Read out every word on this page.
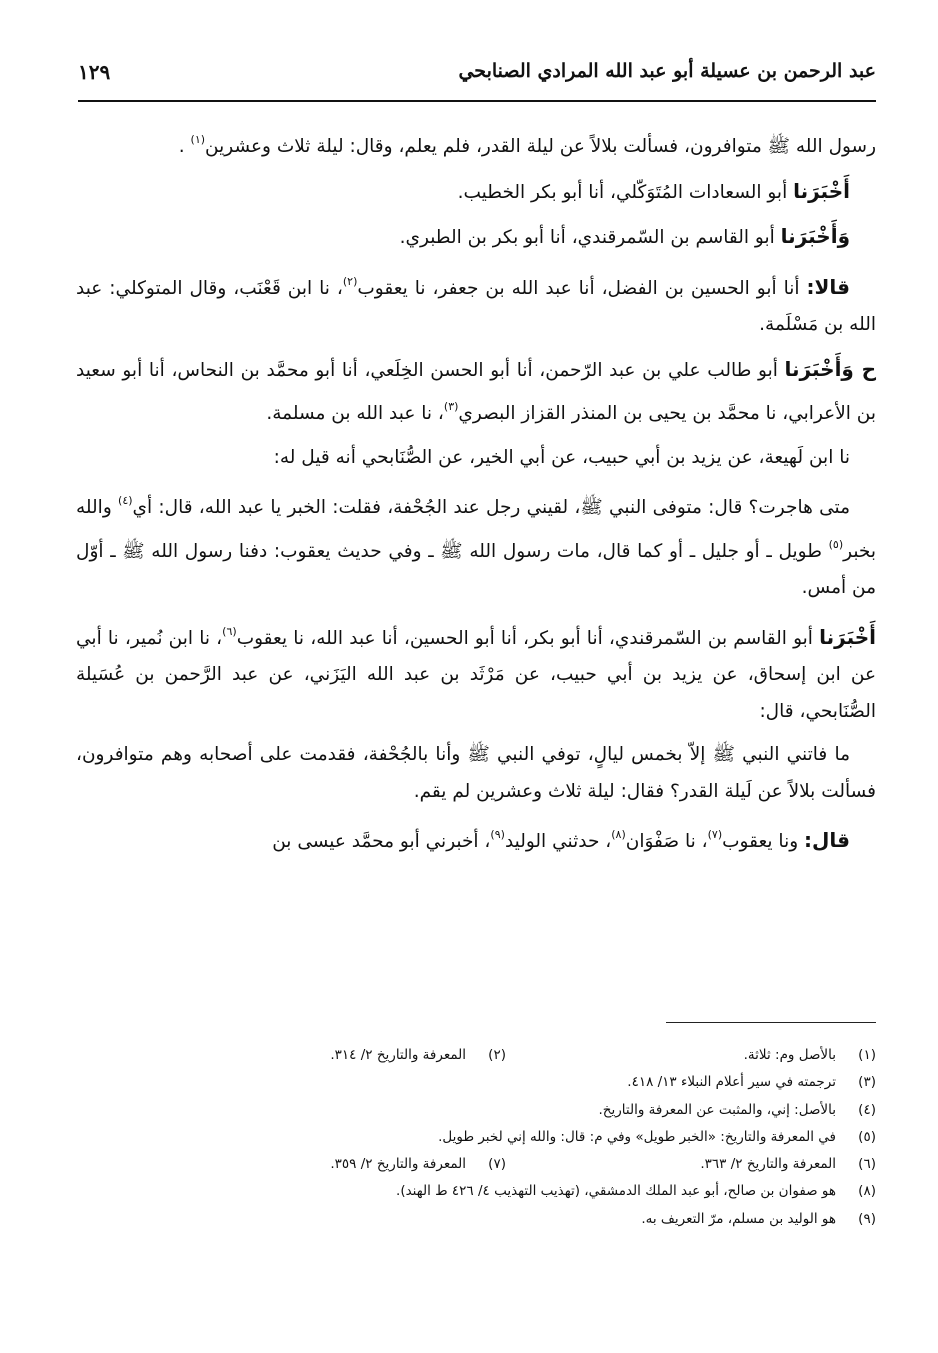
عبد الرحمن بن عسيلة أبو عبد الله المرادي الصنابحي
١٢٩

رسول الله ﷺ متوافرون، فسألت بلالاً عن ليلة القدر، فلم يعلم، وقال: ليلة ثلاث وعشرين$^{(١)}$ .

أَخْبَرَنا أبو السعادات المُتَوَكّلي، أنا أبو بكر الخطيب.

وَأَخْبَرَنا أبو القاسم بن السّمرقندي، أنا أبو بكر بن الطبري.

قالا: أنا أبو الحسين بن الفضل، أنا عبد الله بن جعفر، نا يعقوب$^{(٢)}$، نا ابن قَعْنَب، وقال المتوكلي: عبد الله بن مَسْلَمة.

ح وَأَخْبَرَنا أبو طالب علي بن عبد الرّحمن، أنا أبو الحسن الخِلَعي، أنا أبو محمَّد بن النحاس، أنا أبو سعيد بن الأعرابي، نا محمَّد بن يحيى بن المنذر القزاز البصري$^{(٣)}$، نا عبد الله بن مسلمة.

نا ابن لَهيعة، عن يزيد بن أبي حبيب، عن أبي الخير، عن الصُّنَابحي أنه قيل له:

متى هاجرت؟ قال: متوفى النبي ﷺ، لقيني رجل عند الجُحْفة، فقلت: الخبر يا عبد الله، قال: أي$^{(٤)}$ والله بخبر$^{(٥)}$ طويل ـ أو جليل ـ أو كما قال، مات رسول الله ﷺ ـ وفي حديث يعقوب: دفنا رسول الله ﷺ ـ أوّل من أمس.

أَخْبَرَنا أبو القاسم بن السّمرقندي، أنا أبو بكر، أنا أبو الحسين، أنا عبد الله، نا يعقوب$^{(٦)}$، نا ابن نُمير، نا أبي عن ابن إسحاق، عن يزيد بن أبي حبيب، عن مَرْثَد بن عبد الله اليَزَني، عن عبد الرَّحمن بن عُسَيلة الصُّنَابحي، قال:

ما فاتني النبي ﷺ إلاّ بخمس ليالٍ، توفي النبي ﷺ وأنا بالجُحْفة، فقدمت على أصحابه وهم متوافرون، فسألت بلالاً عن لَيلة القدر؟ فقال: ليلة ثلاث وعشرين لم يقم.

قال: ونا يعقوب$^{(٧)}$، نا صَفْوَان$^{(٨)}$، حدثني الوليد$^{(٩)}$، أخبرني أبو محمَّد عيسى بن

(١)
بالأصل وم: ثلاثة.
(٢)
المعرفة والتاريخ ٢/ ٣١٤.
(٣)
ترجمته في سير أعلام النبلاء ١٣/ ٤١٨.
(٤)
بالأصل: إني، والمثبت عن المعرفة والتاريخ.
(٥)
في المعرفة والتاريخ: «الخبر طويل» وفي م: قال: والله إني لخبر طويل.
(٦)
المعرفة والتاريخ ٢/ ٣٦٣.
(٧)
المعرفة والتاريخ ٢/ ٣٥٩.
(٨)
هو صفوان بن صالح، أبو عبد الملك الدمشقي، (تهذيب التهذيب ٤/ ٤٢٦ ط الهند).
(٩)
هو الوليد بن مسلم، مرّ التعريف به.
